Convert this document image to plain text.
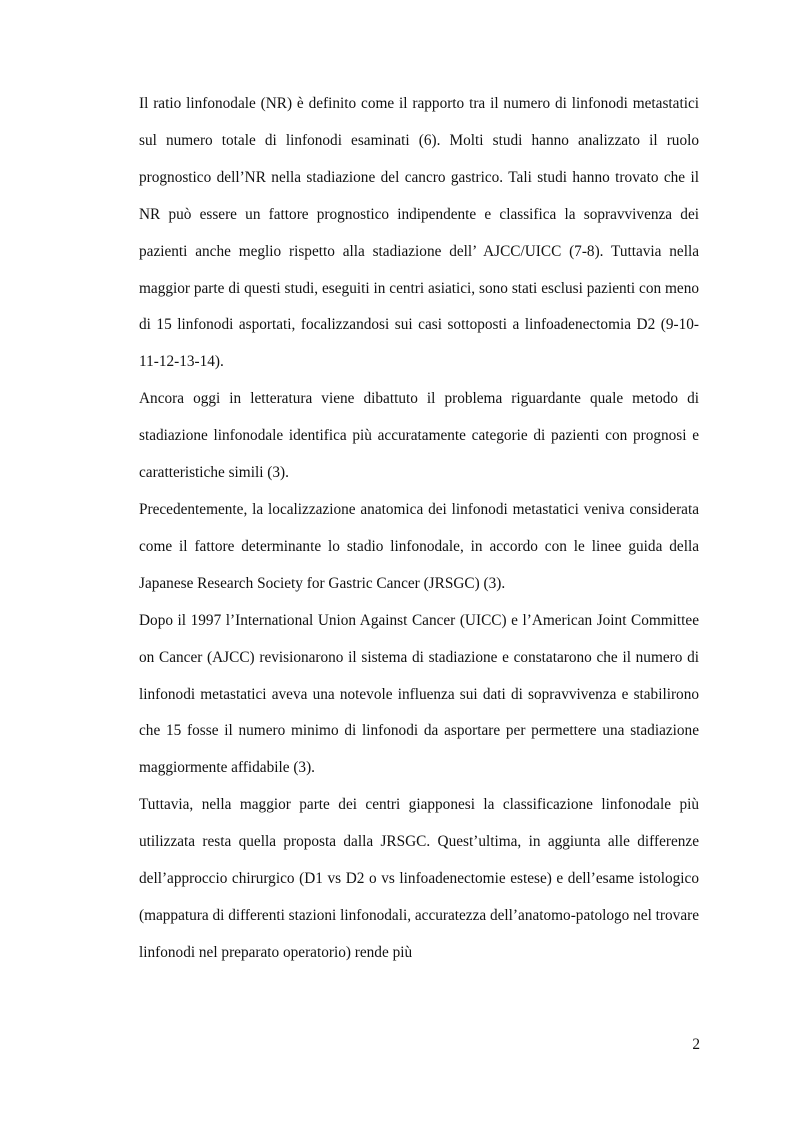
Il ratio linfonodale (NR) è definito come il rapporto tra il numero di linfonodi metastatici sul numero totale di linfonodi esaminati (6). Molti studi hanno analizzato il ruolo prognostico dell’NR nella stadiazione del cancro gastrico. Tali studi hanno trovato che il NR può essere un fattore prognostico indipendente e classifica la sopravvivenza dei pazienti anche meglio rispetto alla stadiazione dell’ AJCC/UICC (7-8). Tuttavia nella maggior parte di questi studi, eseguiti in centri asiatici, sono stati esclusi pazienti con meno di 15 linfonodi asportati, focalizzandosi sui casi sottoposti a linfoadenectomia D2 (9-10-11-12-13-14).

Ancora oggi in letteratura viene dibattuto il problema riguardante quale metodo di stadiazione linfonodale identifica più accuratamente categorie di pazienti con prognosi e caratteristiche simili (3).

Precedentemente, la localizzazione anatomica dei linfonodi metastatici veniva considerata come il fattore determinante lo stadio linfonodale, in accordo con le linee guida della Japanese Research Society for Gastric Cancer (JRSGC) (3).

Dopo il 1997 l’International Union Against Cancer (UICC) e l’American Joint Committee on Cancer (AJCC) revisionarono il sistema di stadiazione e constatarono che il numero di linfonodi metastatici aveva una notevole influenza sui dati di sopravvivenza e stabilirono che 15 fosse il numero minimo di linfonodi da asportare per permettere una stadiazione maggiormente affidabile (3).

Tuttavia, nella maggior parte dei centri giapponesi la classificazione linfonodale più utilizzata resta quella proposta dalla JRSGC. Quest’ultima, in aggiunta alle differenze dell’approccio chirurgico (D1 vs D2 o vs linfoadenectomie estese) e dell’esame istologico (mappatura di differenti stazioni linfonodali, accuratezza dell’anatomo-patologo nel trovare linfonodi nel preparato operatorio) rende più

2
